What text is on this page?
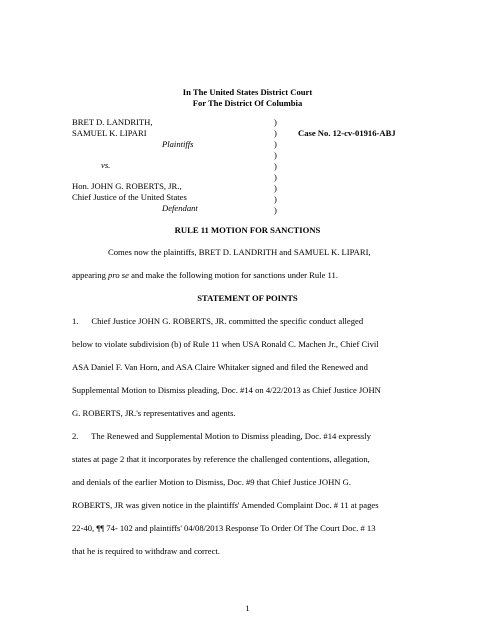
In The United States District Court
For The District Of Columbia
BRET D. LANDRITH,
SAMUEL K. LIPARI
Plaintiffs
vs.
Hon. JOHN G. ROBERTS, JR.,
Chief Justice of the United States
Defendant
)
)
)
)
)
)
)
)
)
Case No. 12-cv-01916-ABJ
RULE 11 MOTION FOR SANCTIONS
Comes now the plaintiffs, BRET D. LANDRITH and SAMUEL K. LIPARI,
appearing pro se and make the following motion for sanctions under Rule 11.
STATEMENT OF POINTS
1.      Chief Justice JOHN G. ROBERTS, JR. committed the specific conduct alleged
below to violate subdivision (b) of Rule 11 when USA Ronald C. Machen Jr., Chief Civil
ASA Daniel F. Van Horn, and ASA Claire Whitaker signed and filed the Renewed and
Supplemental Motion to Dismiss pleading, Doc. #14 on 4/22/2013 as Chief Justice JOHN
G. ROBERTS, JR.'s representatives and agents.
2.      The Renewed and Supplemental Motion to Dismiss pleading, Doc. #14 expressly
states at page 2 that it incorporates by reference the challenged contentions, allegation,
and denials of the earlier Motion to Dismiss, Doc. #9 that Chief Justice JOHN G.
ROBERTS, JR was given notice in the plaintiffs' Amended Complaint Doc. # 11 at pages
22-40, ¶¶ 74- 102 and plaintiffs' 04/08/2013 Response To Order Of The Court Doc. # 13
that he is required to withdraw and correct.
1
